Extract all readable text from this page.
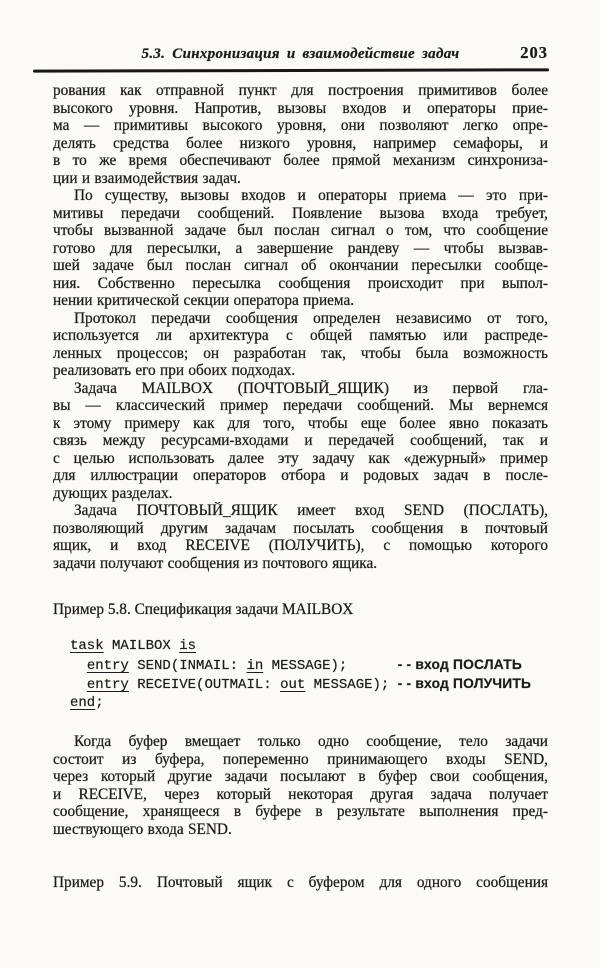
5.3. Синхронизация и взаимодействие задач	203
рования как отправной пункт для построения примитивов более
высокого уровня. Напротив, вызовы входов и операторы прие-
ма — примитивы высокого уровня, они позволяют легко опре-
делять средства более низкого уровня, например семафоры, и
в то же время обеспечивают более прямой механизм синхрониза-
ции и взаимодействия задач.
По существу, вызовы входов и операторы приема — это при-
митивы передачи сообщений. Появление вызова входа требует,
чтобы вызванной задаче был послан сигнал о том, что сообщение
готово для пересылки, а завершение рандеву — чтобы вызвав-
шей задаче был послан сигнал об окончании пересылки сообще-
ния. Собственно пересылка сообщения происходит при выпол-
нении критической секции оператора приема.
Протокол передачи сообщения определен независимо от того,
используется ли архитектура с общей памятью или распреде-
ленных процессов; он разработан так, чтобы была возможность
реализовать его при обоих подходах.
Задача MAILBOX (ПОЧТОВЫЙ_ЯЩИК) из первой гла-
вы — классический пример передачи сообщений. Мы вернемся
к этому примеру как для того, чтобы еще более явно показать
связь между ресурсами-входами и передачей сообщений, так и
с целью использовать далее эту задачу как «дежурный» пример
для иллюстрации операторов отбора и родовых задач в после-
дующих разделах.
Задача ПОЧТОВЫЙ_ЯЩИК имеет вход SEND (ПОСЛАТЬ),
позволяющий другим задачам посылать сообщения в почтовый
ящик, и вход RECEIVE (ПОЛУЧИТЬ), с помощью которого
задачи получают сообщения из почтового ящика.
Пример 5.8. Спецификация задачи MAILBOX
task MAILBOX is
entry SEND(INMAIL: in MESSAGE);      - - вход ПОСЛАТЬ
entry RECEIVE(OUTMAIL: out MESSAGE); - - вход ПОЛУЧИТЬ
end;
Когда буфер вмещает только одно сообщение, тело задачи
состоит из буфера, попеременно принимающего входы SEND,
через который другие задачи посылают в буфер свои сообщения,
и RECEIVE, через который некоторая другая задача получает
сообщение, хранящееся в буфере в результате выполнения пред-
шествующего входа SEND.
Пример 5.9. Почтовый ящик с буфером для одного сообщения
